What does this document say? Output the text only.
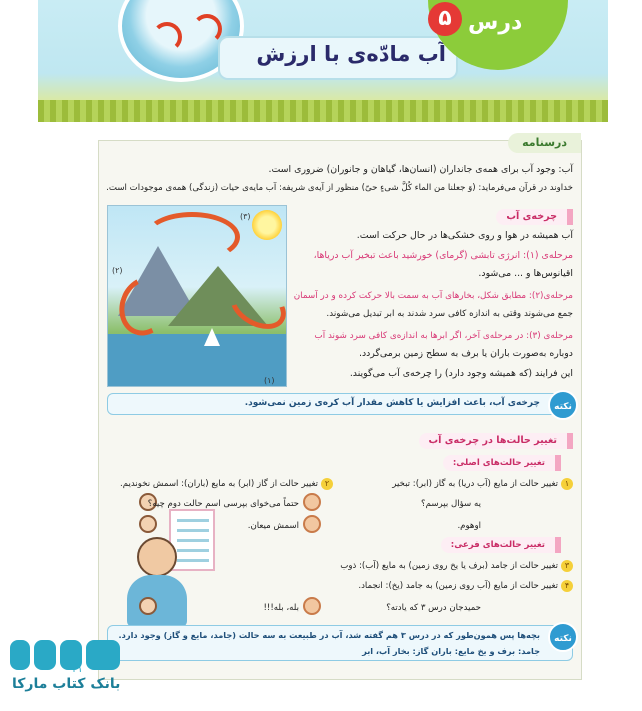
آب مادّه‌ی با ارزش
درس
۵
درسنامه
آب: وجود آب برای همه‌ی جانداران (انسان‌ها، گیاهان و جانوران) ضروری است.
خداوند در قرآن می‌فرماید: (وَ جعلنا من الماء کُلَّ شیءٍ حیّ) منظور از آیه‌ی شریفه: آب مایه‌ی حیات (زندگی) همه‌ی موجودات است.
(۳)
(۲)
(۱)
چرخه‌ی آب
آب همیشه در هوا و روی خشکی‌ها در حال حرکت است.
مرحله‌ی (۱): انرژی تابشی (گرمای) خورشید باعث تبخیر آب دریاها،
اقیانوس‌ها و ... می‌شود.
مرحله‌ی(۲): مطابق شکل، بخارهای آب به سمت بالا حرکت کرده و در آسمان
جمع می‌شوند وقتی به اندازه کافی سرد شدند به ابر تبدیل می‌شوند.
مرحله‌ی (۳): در مرحله‌ی آخر، اگر ابرها به اندازه‌ی کافی سرد شوند آب
دوباره به‌صورت باران یا برف به سطح زمین برمی‌گردد.
این فرایند (که همیشه وجود دارد) را چرخه‌ی آب می‌گویند.
نکته
چرخه‌ی آب، باعث افزایش یا کاهش مقدار آب کره‌ی زمین نمی‌شود.
تغییر حالت‌ها در چرخه‌ی آب
تغییر حالت‌های اصلی:
۱تغییر حالت از مایع (آب دریا) به گاز (ابر): تبخیر
۲تغییر حالت از گاز (ابر) به مایع (باران): اسمش نخوندیم.
یه سؤال بپرسم؟
حتماً می‌خوای بپرسی اسم حالت دوم چیه؟
اوهوم.
اسمش میعان.
تغییر حالت‌های فرعی:
۳تغییر حالت از جامد (برف یا یخ روی زمین) به مایع (آب): ذوب
۴تغییر حالت از مایع (آب روی زمین) به جامد (یخ): انجماد.
حمیدجان درس ۳ که یادته؟
بله، بله!!!
نکته
بچه‌ها پس همون‌طور که در درس ۳ هم گفته شد، آب در طبیعت به سه حالت (جامد، مایع و گاز) وجود دارد.
جامد: برف و یخ مایع: باران گاز: بخار آب، ابر
۴۱
بانک کتاب مارکا
